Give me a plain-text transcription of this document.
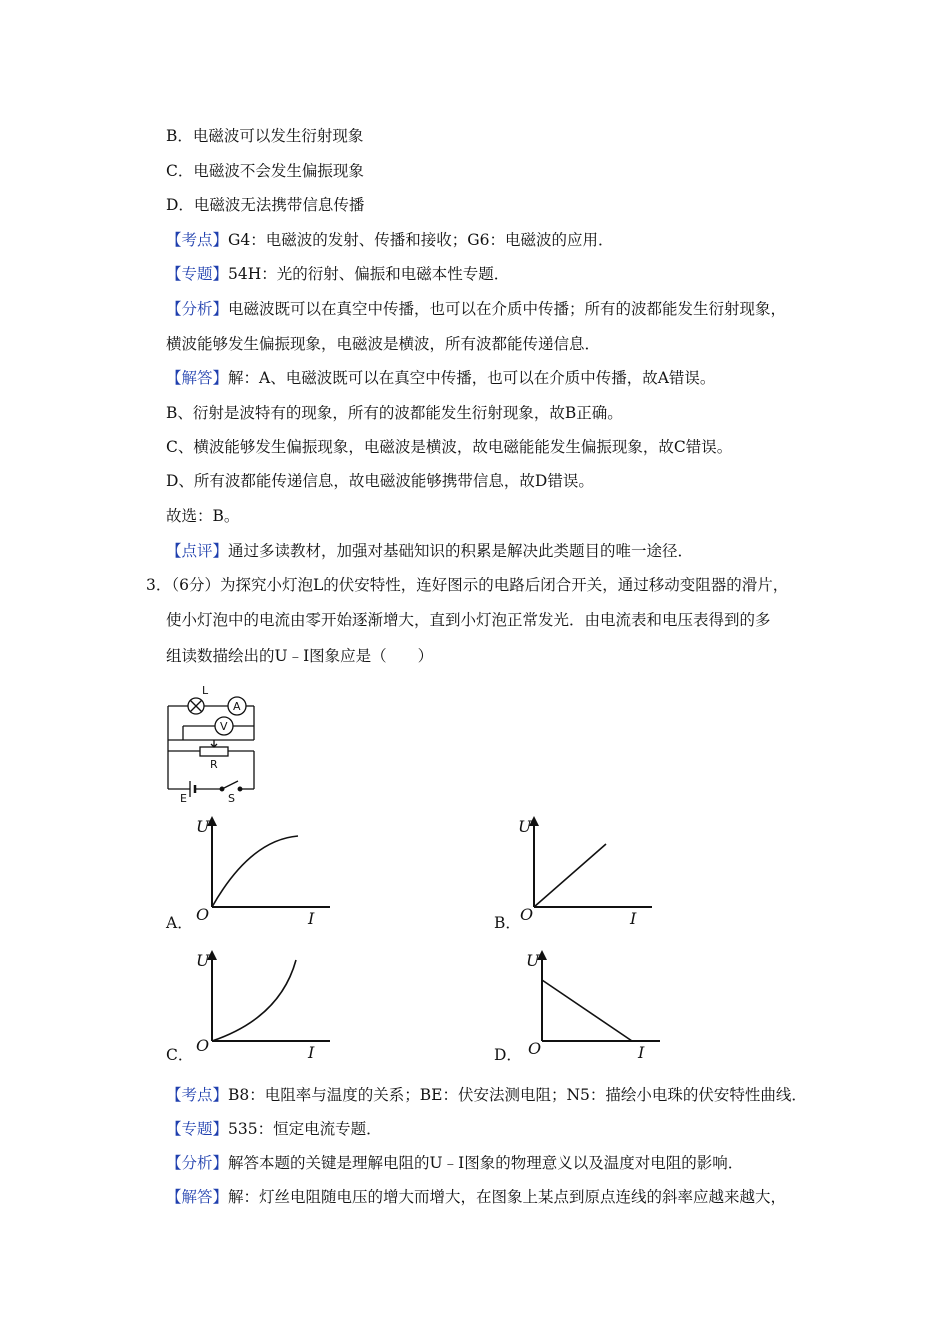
B．电磁波可以发生衍射现象
C．电磁波不会发生偏振现象
D．电磁波无法携带信息传播
【考点】G4：电磁波的发射、传播和接收；G6：电磁波的应用．
【专题】54H：光的衍射、偏振和电磁本性专题．
【分析】电磁波既可以在真空中传播，也可以在介质中传播；所有的波都能发生衍射现象，
横波能够发生偏振现象，电磁波是横波，所有波都能传递信息．
【解答】解：A、电磁波既可以在真空中传播，也可以在介质中传播，故A错误。
B、衍射是波特有的现象，所有的波都能发生衍射现象，故B正确。
C、横波能够发生偏振现象，电磁波是横波，故电磁能能发生偏振现象，故C错误。
D、所有波都能传递信息，故电磁波能够携带信息，故D错误。
故选：B。
【点评】通过多读教材，加强对基础知识的积累是解决此类题目的唯一途径．
3．（6分）为探究小灯泡L的伏安特性，连好图示的电路后闭合开关，通过移动变阻器的滑片，
使小灯泡中的电流由零开始逐渐增大，直到小灯泡正常发光．由电流表和电压表得到的多
组读数描绘出的U﹣I图象应是（　　）
L
A
V
R
E	S
A．
U
O	I	B．
U
O	I
C．
U
O	I	D．
U
O	I
【考点】B8：电阻率与温度的关系；BE：伏安法测电阻；N5：描绘小电珠的伏安特性曲线．
【专题】535：恒定电流专题．
【分析】解答本题的关键是理解电阻的U﹣I图象的物理意义以及温度对电阻的影响．
【解答】解：灯丝电阻随电压的增大而增大，在图象上某点到原点连线的斜率应越来越大，
